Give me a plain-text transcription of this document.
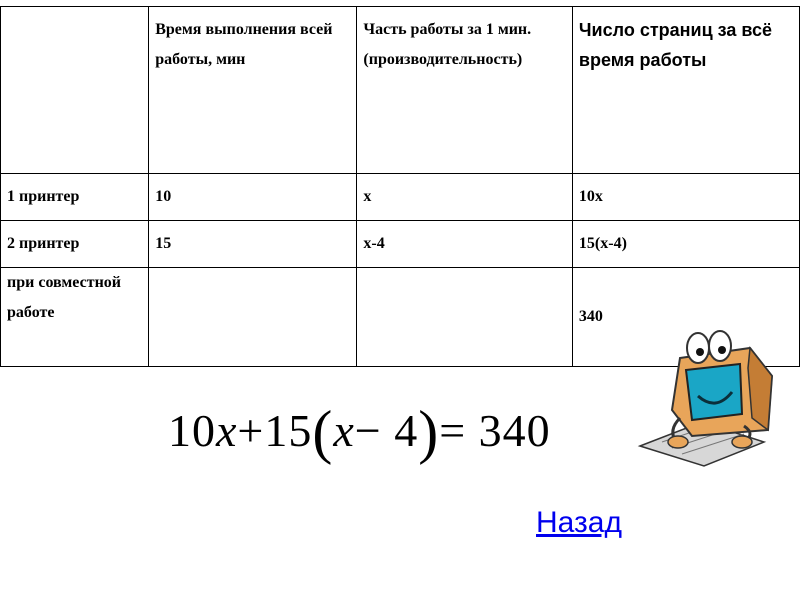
	Время выполнения всей работы, мин	Часть работы за 1 мин. (производительность)	Число страниц за всё время работы
1 принтер	10	x	10x
2 принтер	15	x-4	15(x-4)
при совместной работе			340
10x+15(x− 4)= 340
Назад
